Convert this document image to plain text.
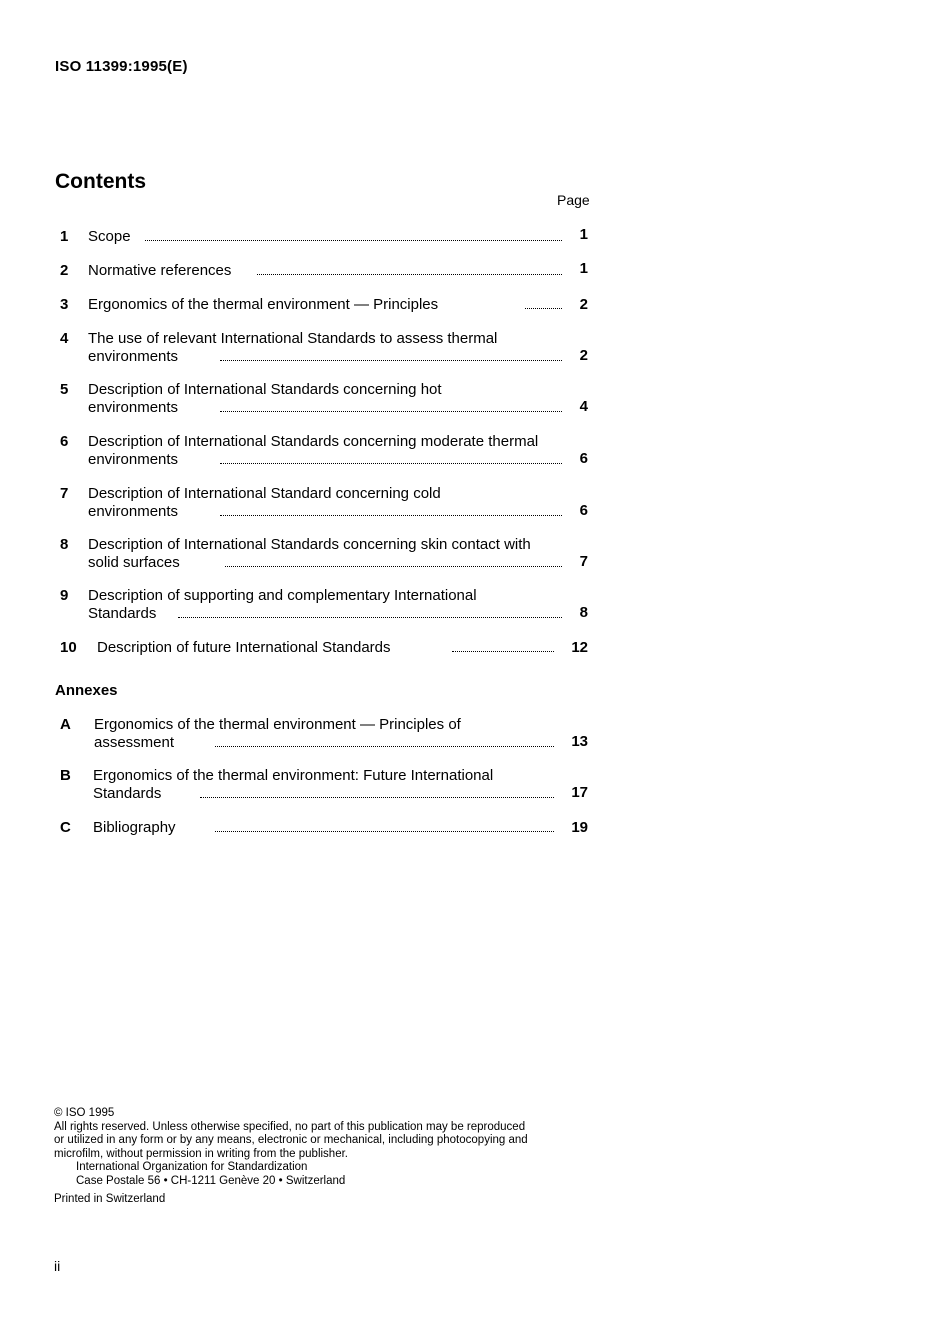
ISO 11399:1995(E)
Contents
Page
1 Scope	1
2 Normative references	1
3 Ergonomics of the thermal environment — Principles	2
4 The use of relevant International Standards to assess thermal
environments	2
5 Description of International Standards concerning hot
environments	4
6 Description of International Standards concerning moderate thermal
environments	6
7 Description of International Standard concerning cold
environments	6
8 Description of International Standards concerning skin contact with
solid surfaces	7
9 Description of supporting and complementary International
Standards	8
10 Description of future International Standards	12
Annexes
A Ergonomics of the thermal environment — Principles of
assessment	13
B Ergonomics of the thermal environment: Future International
Standards	17
C Bibliography	19
© ISO 1995
All rights reserved. Unless otherwise specified, no part of this publication may be reproduced
or utilized in any form or by any means, electronic or mechanical, including photocopying and
microfilm, without permission in writing from the publisher.
International Organization for Standardization
Case Postale 56 • CH-1211 Genève 20 • Switzerland
Printed in Switzerland
ii
